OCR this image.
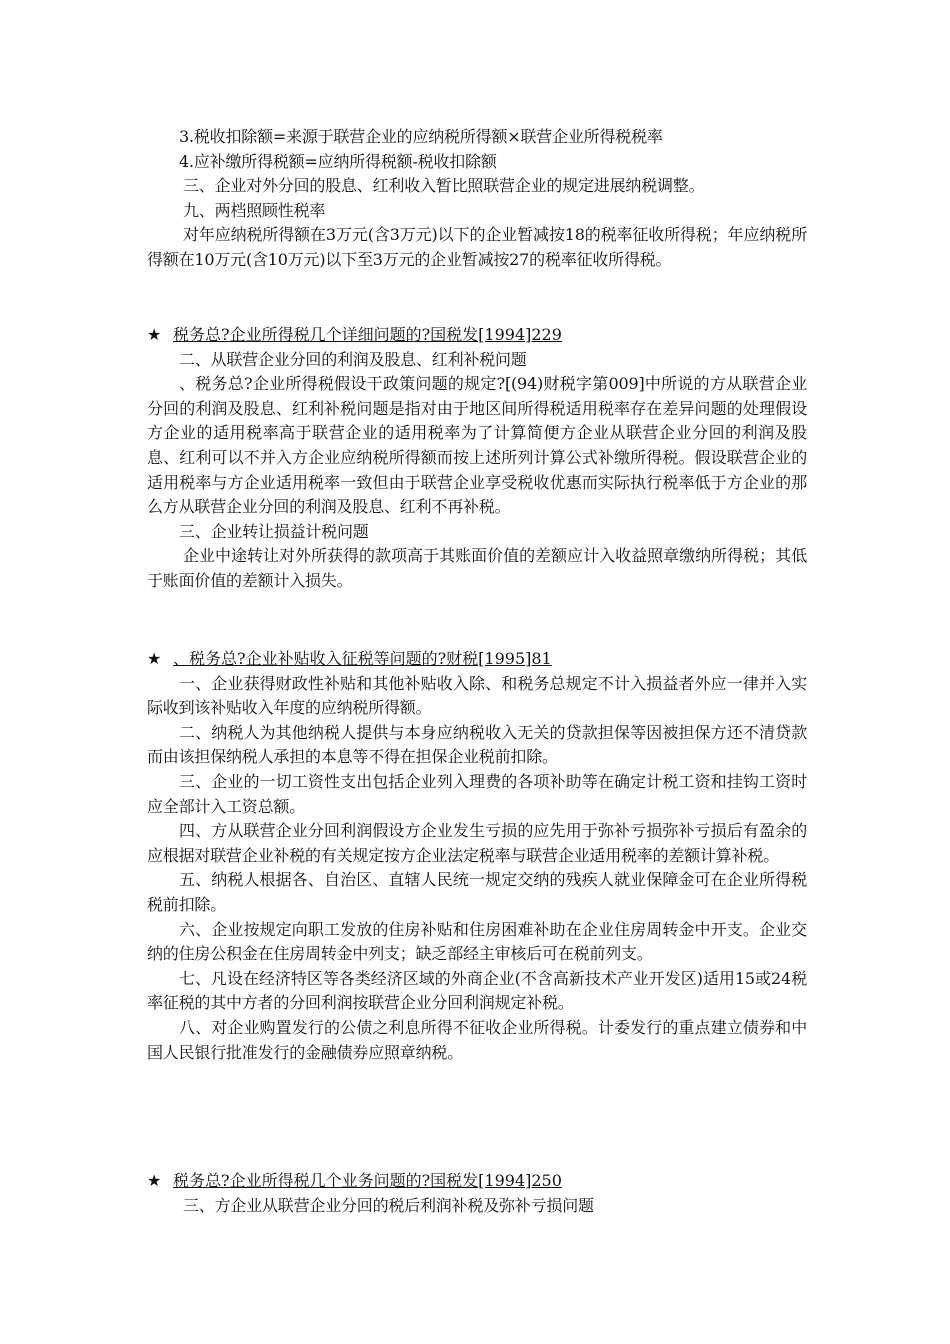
3.税收扣除额=来源于联营企业的应纳税所得额×联营企业所得税税率

4.应补缴所得税额=应纳所得税额-税收扣除额

三、企业对外分回的股息、红利收入暂比照联营企业的规定进展纳税调整。

九、两档照顾性税率

对年应纳税所得额在3万元(含3万元)以下的企业暂减按18的税率征收所得税；年应纳税所得额在10万元(含10万元)以下至3万元的企业暂减按27的税率征收所得税。

★ 税务总?企业所得税几个详细问题的?国税发[1994]229

二、从联营企业分回的利润及股息、红利补税问题

、税务总?企业所得税假设干政策问题的规定?[(94)财税字第009]中所说的方从联营企业分回的利润及股息、红利补税问题是指对由于地区间所得税适用税率存在差异问题的处理假设方企业的适用税率高于联营企业的适用税率为了计算简便方企业从联营企业分回的利润及股息、红利可以不并入方企业应纳税所得额而按上述所列计算公式补缴所得税。假设联营企业的适用税率与方企业适用税率一致但由于联营企业享受税收优惠而实际执行税率低于方企业的那么方从联营企业分回的利润及股息、红利不再补税。

三、企业转让损益计税问题

企业中途转让对外所获得的款项高于其账面价值的差额应计入收益照章缴纳所得税；其低于账面价值的差额计入损失。

★ 、税务总?企业补贴收入征税等问题的?财税[1995]81

一、企业获得财政性补贴和其他补贴收入除、和税务总规定不计入损益者外应一律并入实际收到该补贴收入年度的应纳税所得额。

二、纳税人为其他纳税人提供与本身应纳税收入无关的贷款担保等因被担保方还不清贷款而由该担保纳税人承担的本息等不得在担保企业税前扣除。

三、企业的一切工资性支出包括企业列入理费的各项补助等在确定计税工资和挂钩工资时应全部计入工资总额。

四、方从联营企业分回利润假设方企业发生亏损的应先用于弥补亏损弥补亏损后有盈余的应根据对联营企业补税的有关规定按方企业法定税率与联营企业适用税率的差额计算补税。

五、纳税人根据各、自治区、直辖人民统一规定交纳的残疾人就业保障金可在企业所得税税前扣除。

六、企业按规定向职工发放的住房补贴和住房困难补助在企业住房周转金中开支。企业交纳的住房公积金在住房周转金中列支；缺乏部经主审核后可在税前列支。

七、凡设在经济特区等各类经济区域的外商企业(不含高新技术产业开发区)适用15或24税率征税的其中方者的分回利润按联营企业分回利润规定补税。

八、对企业购置发行的公债之利息所得不征收企业所得税。计委发行的重点建立债券和中国人民银行批准发行的金融债券应照章纳税。

★ 税务总?企业所得税几个业务问题的?国税发[1994]250

三、方企业从联营企业分回的税后利润补税及弥补亏损问题
